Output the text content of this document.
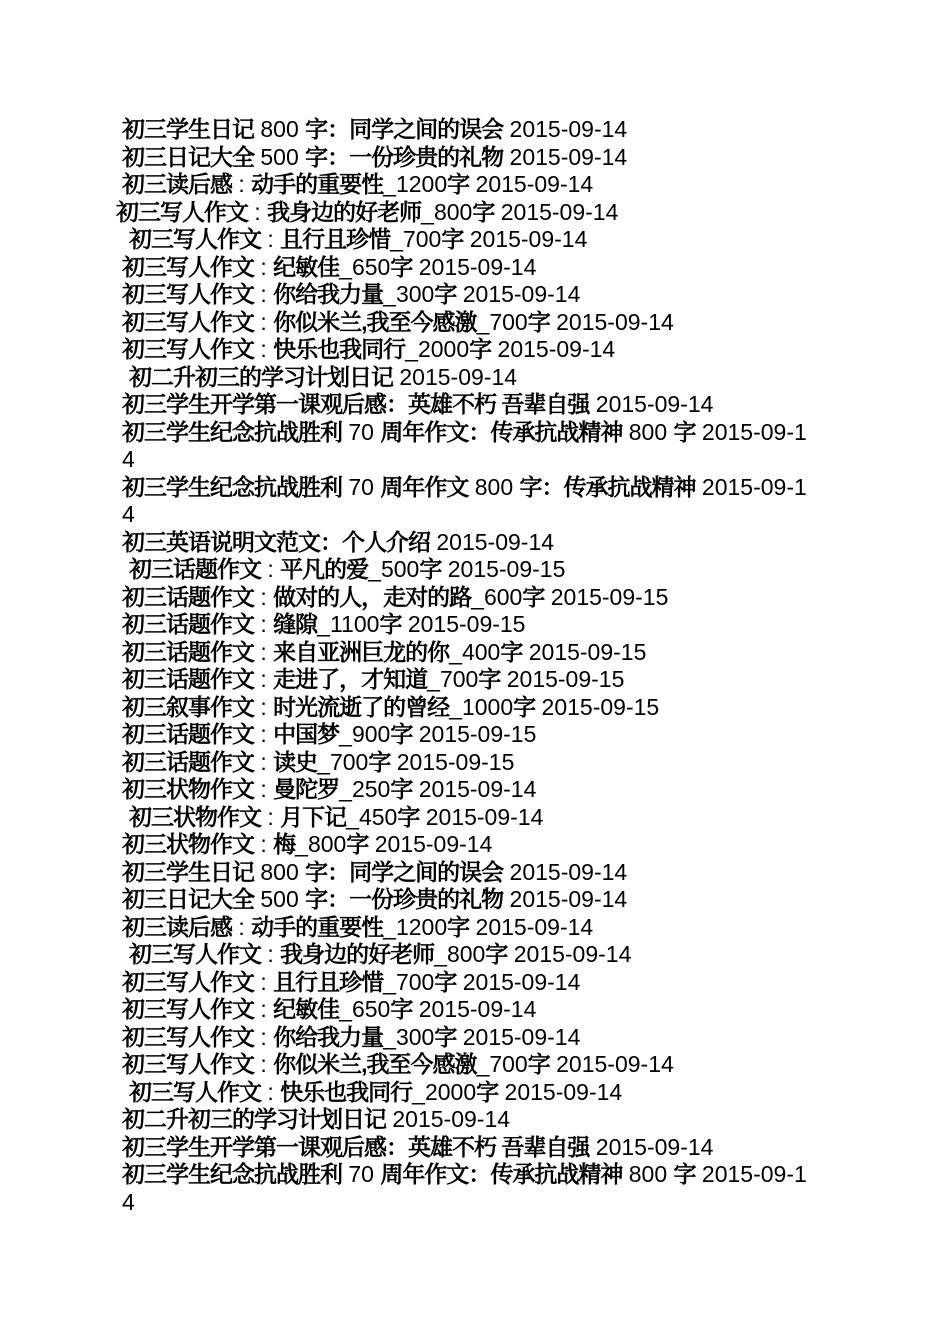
初三学生日记 800 字：同学之间的误会 2015-09-14
初三日记大全 500 字：一份珍贵的礼物 2015-09-14
初三读后感 : 动手的重要性_1200字 2015-09-14
初三写人作文 : 我身边的好老师_800字 2015-09-14
初三写人作文 : 且行且珍惜_700字 2015-09-14
初三写人作文 : 纪敏佳_650字 2015-09-14
初三写人作文 : 你给我力量_300字 2015-09-14
初三写人作文 : 你似米兰,我至今感激_700字 2015-09-14
初三写人作文 : 快乐也我同行_2000字 2015-09-14
初二升初三的学习计划日记 2015-09-14
初三学生开学第一课观后感：英雄不朽 吾辈自强 2015-09-14
初三学生纪念抗战胜利 70 周年作文：传承抗战精神 800 字 2015-09-14
初三学生纪念抗战胜利 70 周年作文 800 字：传承抗战精神 2015-09-14
初三英语说明文范文：个人介绍 2015-09-14
初三话题作文 : 平凡的爱_500字 2015-09-15
初三话题作文 : 做对的人，走对的路_600字 2015-09-15
初三话题作文 : 缝隙_1100字 2015-09-15
初三话题作文 : 来自亚洲巨龙的你_400字 2015-09-15
初三话题作文 : 走进了，才知道_700字 2015-09-15
初三叙事作文 : 时光流逝了的曾经_1000字 2015-09-15
初三话题作文 : 中国梦_900字 2015-09-15
初三话题作文 : 读史_700字 2015-09-15
初三状物作文 : 曼陀罗_250字 2015-09-14
初三状物作文 : 月下记_450字 2015-09-14
初三状物作文 : 梅_800字 2015-09-14
初三学生日记 800 字：同学之间的误会 2015-09-14
初三日记大全 500 字：一份珍贵的礼物 2015-09-14
初三读后感 : 动手的重要性_1200字 2015-09-14
初三写人作文 : 我身边的好老师_800字 2015-09-14
初三写人作文 : 且行且珍惜_700字 2015-09-14
初三写人作文 : 纪敏佳_650字 2015-09-14
初三写人作文 : 你给我力量_300字 2015-09-14
初三写人作文 : 你似米兰,我至今感激_700字 2015-09-14
初三写人作文 : 快乐也我同行_2000字 2015-09-14
初二升初三的学习计划日记 2015-09-14
初三学生开学第一课观后感：英雄不朽 吾辈自强 2015-09-14
初三学生纪念抗战胜利 70 周年作文：传承抗战精神 800 字 2015-09-14
